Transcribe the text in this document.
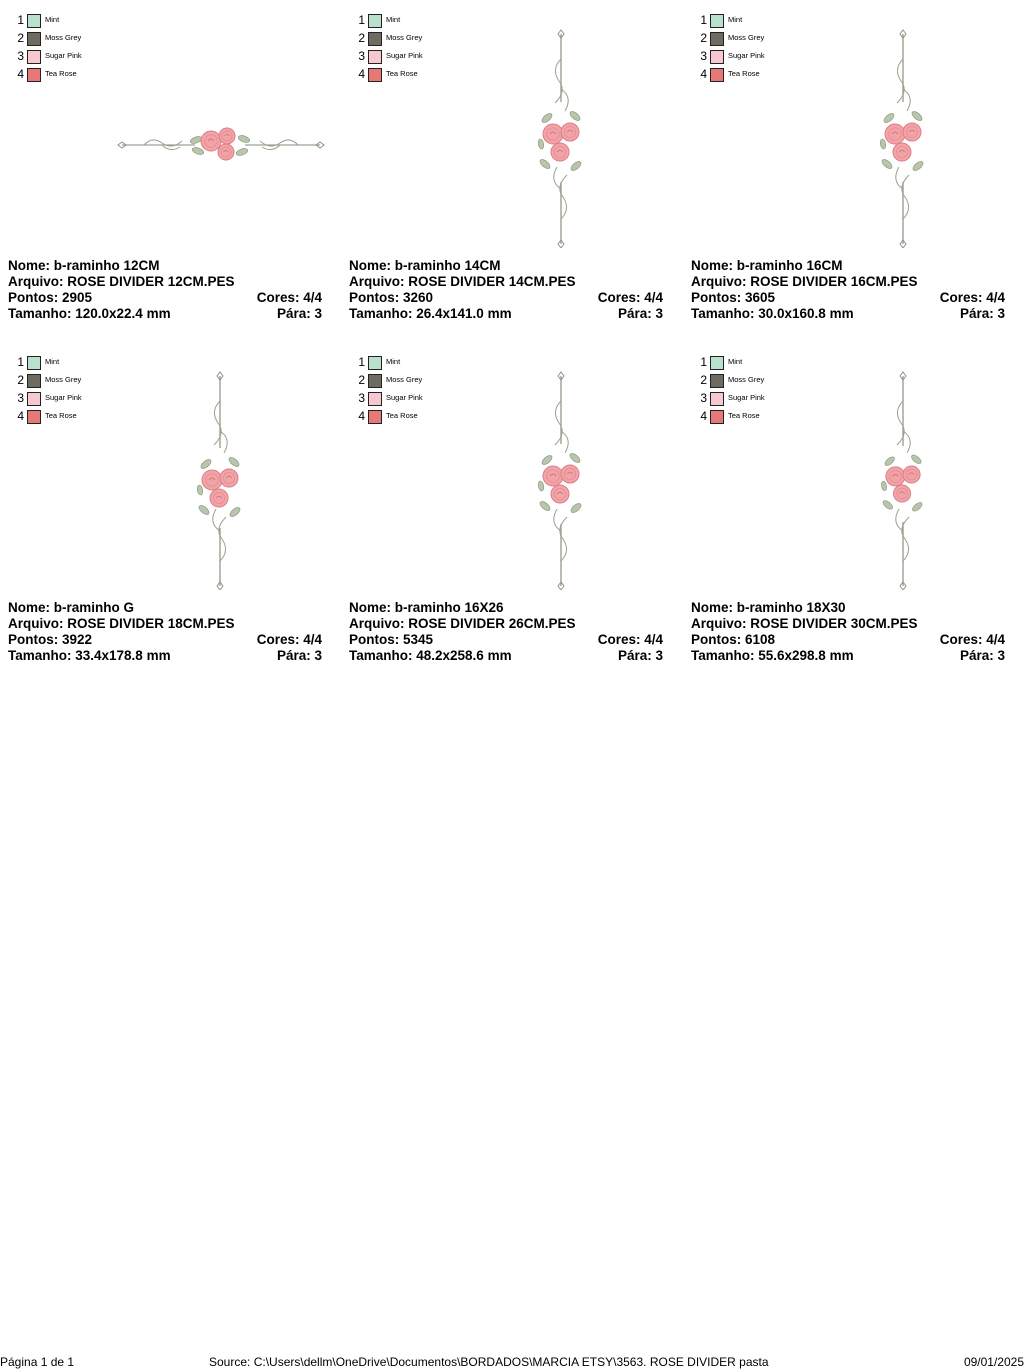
1	Mint
2	Moss Grey
3	Sugar Pink
4	Tea Rose
Nome: b-raminho 12CM
Arquivo: ROSE DIVIDER 12CM.PES
Pontos: 2905	Cores: 4/4
Tamanho: 120.0x22.4 mm	Pára: 3
1	Mint
2	Moss Grey
3	Sugar Pink
4	Tea Rose
Nome: b-raminho 14CM
Arquivo: ROSE DIVIDER 14CM.PES
Pontos: 3260	Cores: 4/4
Tamanho: 26.4x141.0 mm	Pára: 3
1	Mint
2	Moss Grey
3	Sugar Pink
4	Tea Rose
Nome: b-raminho 16CM
Arquivo: ROSE DIVIDER 16CM.PES
Pontos: 3605	Cores: 4/4
Tamanho: 30.0x160.8 mm	Pára: 3
1	Mint
2	Moss Grey
3	Sugar Pink
4	Tea Rose
Nome: b-raminho G
Arquivo: ROSE DIVIDER 18CM.PES
Pontos: 3922	Cores: 4/4
Tamanho: 33.4x178.8 mm	Pára: 3
1	Mint
2	Moss Grey
3	Sugar Pink
4	Tea Rose
Nome: b-raminho 16X26
Arquivo: ROSE DIVIDER 26CM.PES
Pontos: 5345	Cores: 4/4
Tamanho: 48.2x258.6 mm	Pára: 3
1	Mint
2	Moss Grey
3	Sugar Pink
4	Tea Rose
Nome: b-raminho 18X30
Arquivo: ROSE DIVIDER 30CM.PES
Pontos: 6108	Cores: 4/4
Tamanho: 55.6x298.8 mm	Pára: 3
Página 1 de 1	Source: C:\Users\dellm\OneDrive\Documentos\BORDADOS\MARCIA ETSY\3563. ROSE DIVIDER pasta	09/01/2025
